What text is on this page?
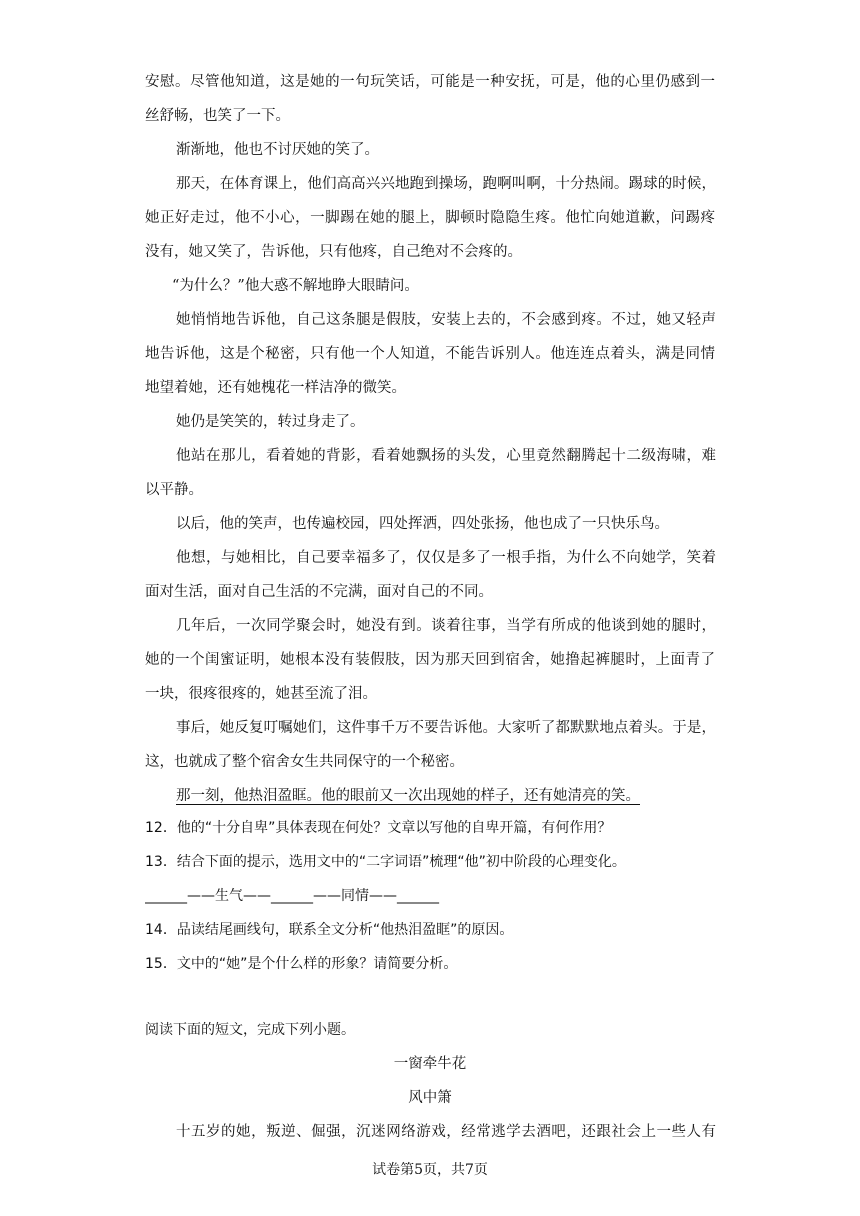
安慰。尽管他知道，这是她的一句玩笑话，可能是一种安抚，可是，他的心里仍感到一
丝舒畅，也笑了一下。
渐渐地，他也不讨厌她的笑了。
那天，在体育课上，他们高高兴兴地跑到操场，跑啊叫啊，十分热闹。踢球的时候，
她正好走过，他不小心，一脚踢在她的腿上，脚顿时隐隐生疼。他忙向她道歉，问踢疼
没有，她又笑了，告诉他，只有他疼，自己绝对不会疼的。
“为什么？”他大惑不解地睁大眼睛问。
她悄悄地告诉他，自己这条腿是假肢，安装上去的，不会感到疼。不过，她又轻声
地告诉他，这是个秘密，只有他一个人知道，不能告诉别人。他连连点着头，满是同情
地望着她，还有她槐花一样洁净的微笑。
她仍是笑笑的，转过身走了。
他站在那儿，看着她的背影，看着她飘扬的头发，心里竟然翻腾起十二级海啸，难
以平静。
以后，他的笑声，也传遍校园，四处挥洒，四处张扬，他也成了一只快乐鸟。
他想，与她相比，自己要幸福多了，仅仅是多了一根手指，为什么不向她学，笑着
面对生活，面对自己生活的不完满，面对自己的不同。
几年后，一次同学聚会时，她没有到。谈着往事，当学有所成的他谈到她的腿时，
她的一个闺蜜证明，她根本没有装假肢，因为那天回到宿舍，她撸起裤腿时，上面青了
一块，很疼很疼的，她甚至流了泪。
事后，她反复叮嘱她们，这件事千万不要告诉他。大家听了都默默地点着头。于是，
这，也就成了整个宿舍女生共同保守的一个秘密。
那一刻，他热泪盈眶。他的眼前又一次出现她的样子，还有她清亮的笑。
12．他的“十分自卑”具体表现在何处？文章以写他的自卑开篇，有何作用？
13．结合下面的提示，选用文中的“二字词语”梳理“他”初中阶段的心理变化。
______——生气——______——同情——______
14．品读结尾画线句，联系全文分析“他热泪盈眶”的原因。
15．文中的“她”是个什么样的形象？请简要分析。
阅读下面的短文，完成下列小题。
一窗牵牛花
风中箫
十五岁的她，叛逆、倔强，沉迷网络游戏，经常逃学去酒吧，还跟社会上一些人有
试卷第5页，共7页
